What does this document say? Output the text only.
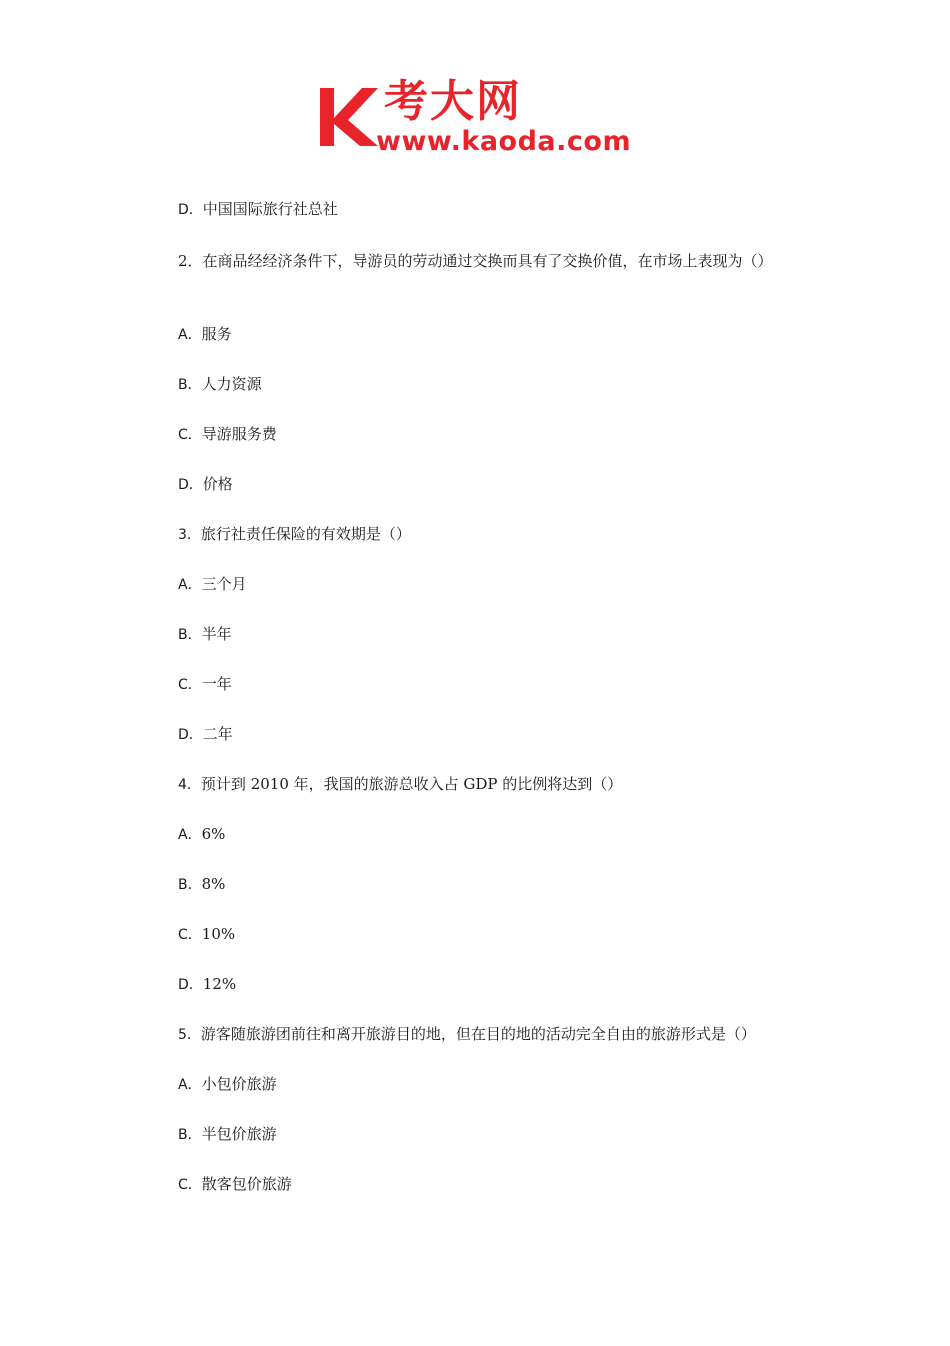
考大网
www.kaoda.com
D．中国国际旅行社总社
2．在商品经经济条件下，导游员的劳动通过交换而具有了交换价值，在市场上表现为（）
A．服务
B．人力资源
C．导游服务费
D．价格
3．旅行社责任保险的有效期是（）
A．三个月
B．半年
C．一年
D．二年
4．预计到 2010 年，我国的旅游总收入占 GDP 的比例将达到（）
A．6%
B．8%
C．10%
D．12%
5．游客随旅游团前往和离开旅游目的地，但在目的地的活动完全自由的旅游形式是（）
A．小包价旅游
B．半包价旅游
C．散客包价旅游
